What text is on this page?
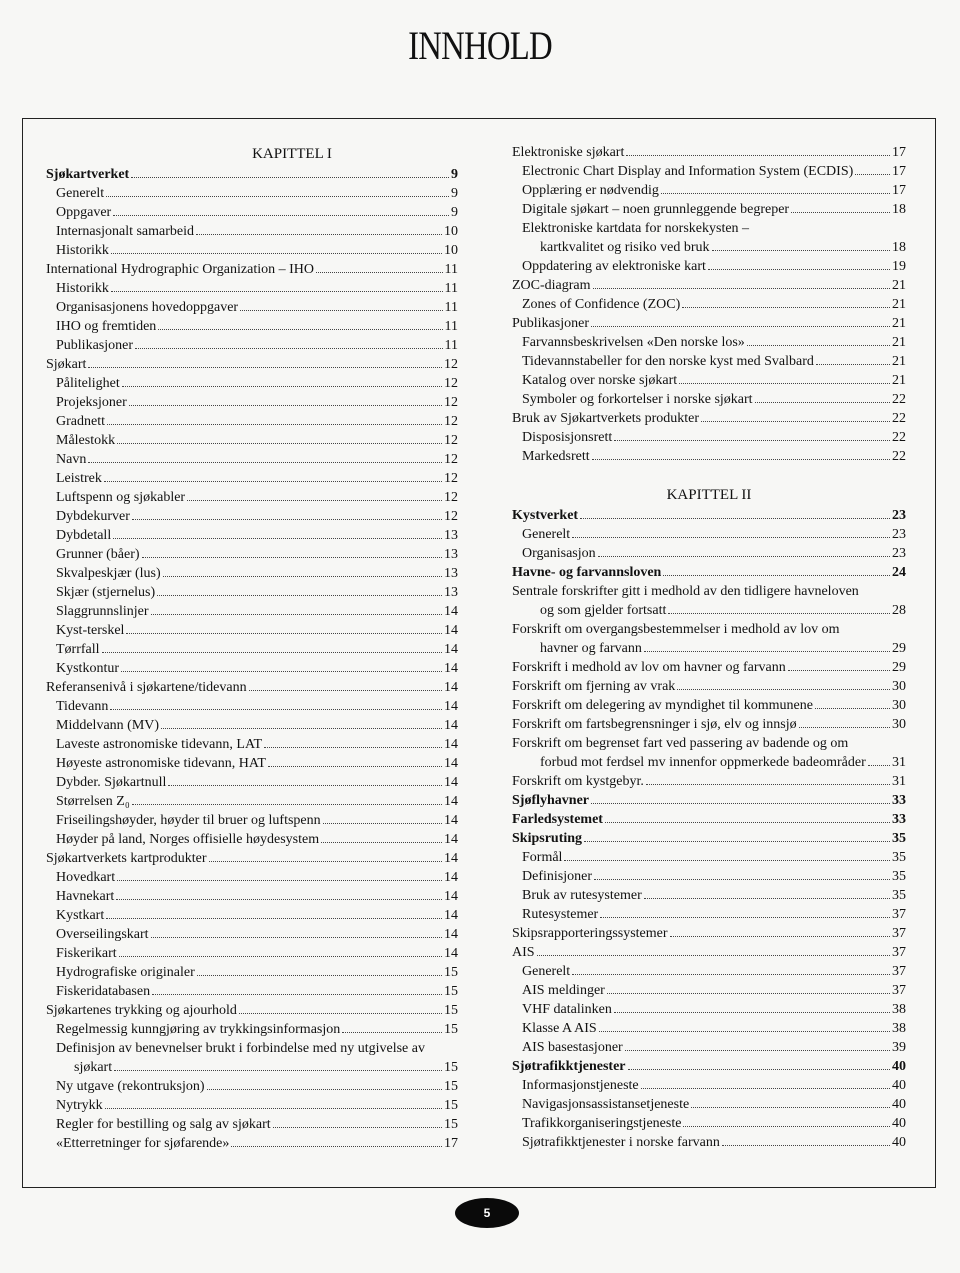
INNHOLD
KAPITTEL I
Sjøkartverket	9
Generelt	9
Oppgaver	9
Internasjonalt samarbeid	10
Historikk	10
International Hydrographic Organization – IHO	11
Historikk	11
Organisasjonens hovedoppgaver	11
IHO og fremtiden	11
Publikasjoner	11
Sjøkart	12
Pålitelighet	12
Projeksjoner	12
Gradnett	12
Målestokk	12
Navn	12
Leistrek	12
Luftspenn og sjøkabler	12
Dybdekurver	12
Dybdetall	13
Grunner (båer)	13
Skvalpeskjær (lus)	13
Skjær (stjernelus)	13
Slaggrunnslinjer	14
Kyst-terskel	14
Tørrfall	14
Kystkontur	14
Referansenivå i sjøkartene/tidevann	14
Tidevann	14
Middelvann (MV)	14
Laveste astronomiske tidevann, LAT	14
Høyeste astronomiske tidevann, HAT	14
Dybder. Sjøkartnull	14
Størrelsen Z₀	14
Friseilingshøyder, høyder til bruer og luftspenn	14
Høyder på land, Norges offisielle høydesystem	14
Sjøkartverkets kartprodukter	14
Hovedkart	14
Havnekart	14
Kystkart	14
Overseilingskart	14
Fiskerikart	14
Hydrografiske originaler	15
Fiskeridatabasen	15
Sjøkartenes trykking og ajourhold	15
Regelmessig kunngjøring av trykkingsinformasjon	15
Definisjon av benevnelser brukt i forbindelse med ny utgivelse av
sjøkart	15
Ny utgave (rekontruksjon)	15
Nytrykk	15
Regler for bestilling og salg av sjøkart	15
«Etterretninger for sjøfarende»	17
Elektroniske sjøkart	17
Electronic Chart Display and Information System (ECDIS)	17
Opplæring er nødvendig	17
Digitale sjøkart – noen grunnleggende begreper	18
Elektroniske kartdata for norskekysten –
kartkvalitet og risiko ved bruk	18
Oppdatering av elektroniske kart	19
ZOC-diagram	21
Zones of Confidence (ZOC)	21
Publikasjoner	21
Farvannsbeskrivelsen «Den norske los»	21
Tidevannstabeller for den norske kyst med Svalbard	21
Katalog over norske sjøkart	21
Symboler og forkortelser i norske sjøkart	22
Bruk av Sjøkartverkets produkter	22
Disposisjonsrett	22
Markedsrett	22
KAPITTEL II
Kystverket	23
Generelt	23
Organisasjon	23
Havne- og farvannsloven	24
Sentrale forskrifter gitt i medhold av den tidligere havneloven
og som gjelder fortsatt	28
Forskrift om overgangsbestemmelser i medhold av lov om
havner og farvann	29
Forskrift i medhold av lov om havner og farvann	29
Forskrift om fjerning av vrak	30
Forskrift om delegering av myndighet til kommunene	30
Forskrift om fartsbegrensninger i sjø, elv og innsjø	30
Forskrift om begrenset fart ved passering av badende og om
forbud mot ferdsel mv innenfor oppmerkede badeområder 31
Forskrift om kystgebyr.	31
Sjøflyhavner	33
Farledsystemet	33
Skipsruting	35
Formål	35
Definisjoner	35
Bruk av rutesystemer	35
Rutesystemer	37
Skipsrapporteringssystemer	37
AIS	37
Generelt	37
AIS meldinger	37
VHF datalinken	38
Klasse A AIS	38
AIS basestasjoner	39
Sjøtrafikktjenester	40
Informasjonstjeneste	40
Navigasjonsassistansetjeneste	40
Trafikkorganiseringstjeneste	40
Sjøtrafikktjenester i norske farvann	40
5
